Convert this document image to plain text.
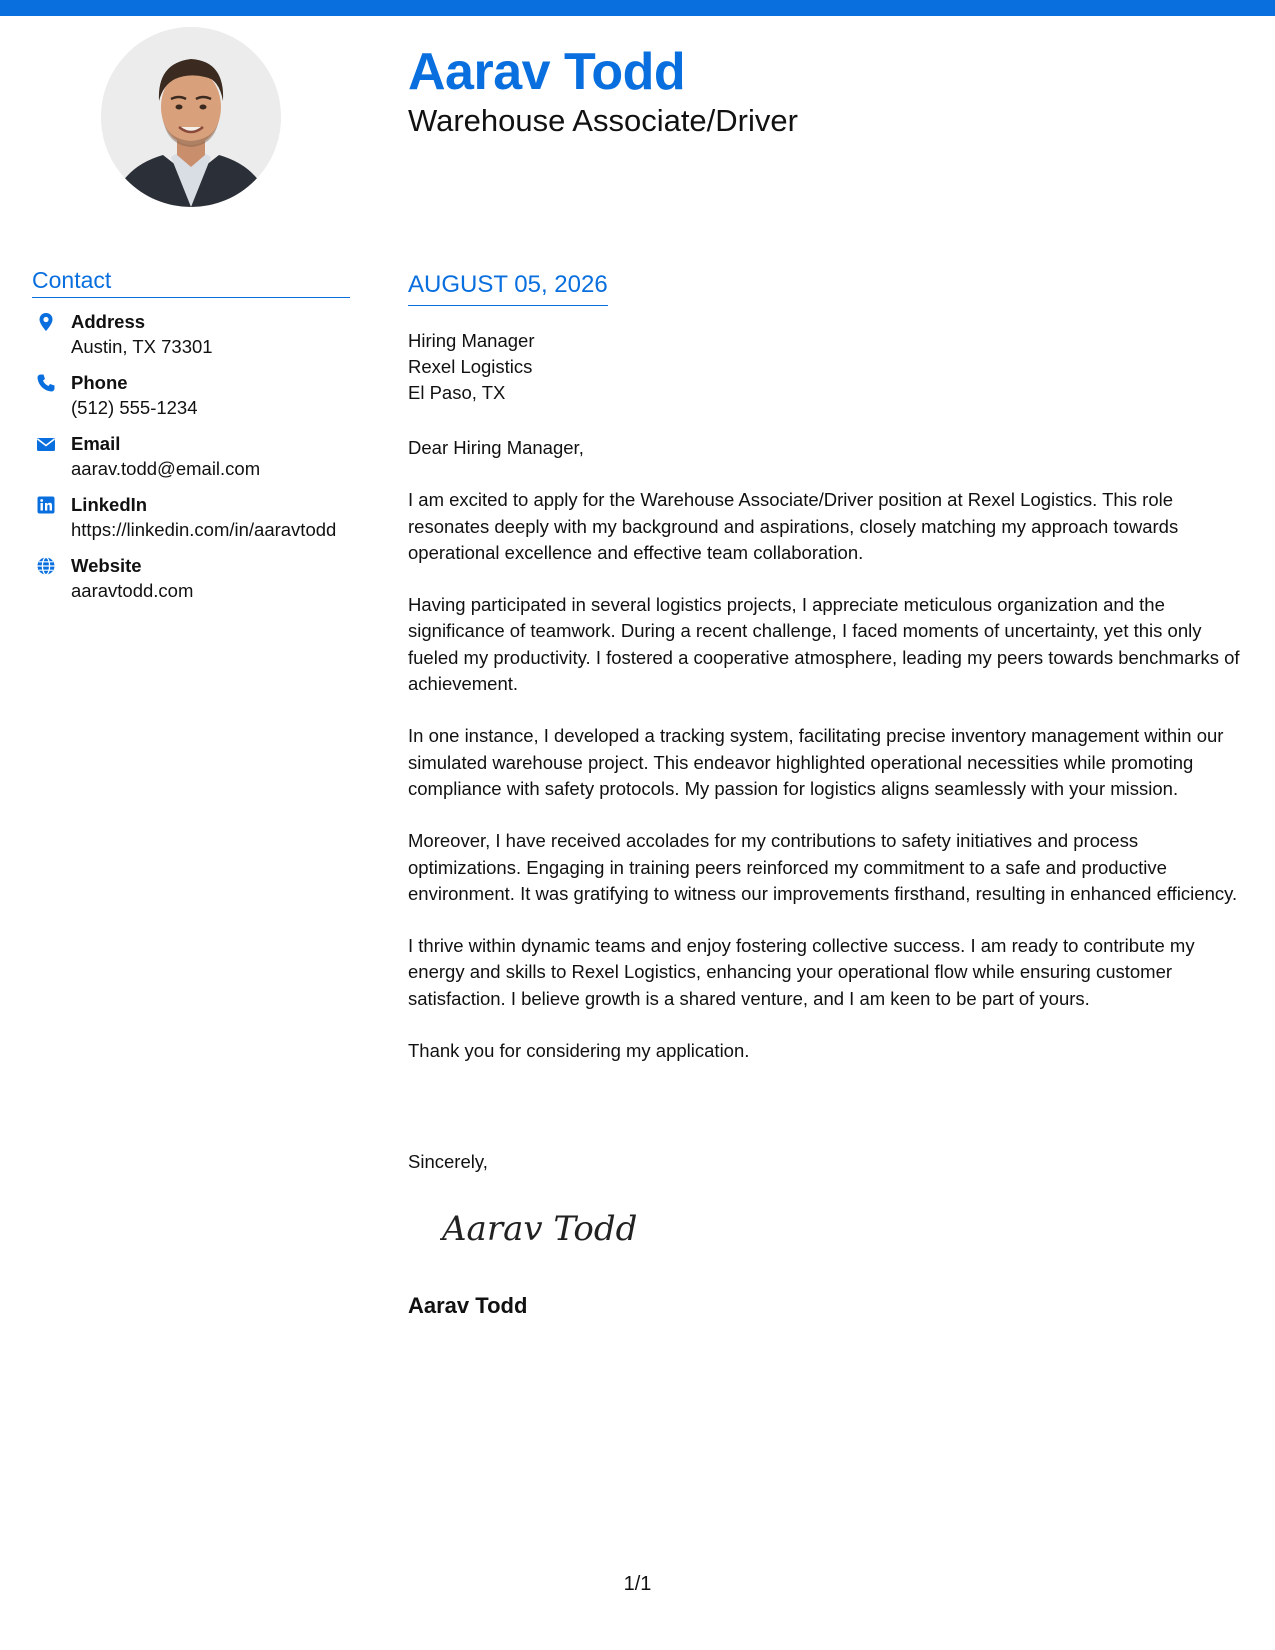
Aarav Todd
Warehouse Associate/Driver
Contact
Address
Austin, TX 73301
Phone
(512) 555-1234
Email
aarav.todd@email.com
LinkedIn
https://linkedin.com/in/aaravtodd
Website
aaravtodd.com
AUGUST 05, 2026
Hiring Manager
Rexel Logistics
El Paso, TX

Dear Hiring Manager,

I am excited to apply for the Warehouse Associate/Driver position at Rexel Logistics. This role resonates deeply with my background and aspirations, closely matching my approach towards operational excellence and effective team collaboration.

Having participated in several logistics projects, I appreciate meticulous organization and the significance of teamwork. During a recent challenge, I faced moments of uncertainty, yet this only fueled my productivity. I fostered a cooperative atmosphere, leading my peers towards benchmarks of achievement.

In one instance, I developed a tracking system, facilitating precise inventory management within our simulated warehouse project. This endeavor highlighted operational necessities while promoting compliance with safety protocols. My passion for logistics aligns seamlessly with your mission.

Moreover, I have received accolades for my contributions to safety initiatives and process optimizations. Engaging in training peers reinforced my commitment to a safe and productive environment. It was gratifying to witness our improvements firsthand, resulting in enhanced efficiency.

I thrive within dynamic teams and enjoy fostering collective success. I am ready to contribute my energy and skills to Rexel Logistics, enhancing your operational flow while ensuring customer satisfaction. I believe growth is a shared venture, and I am keen to be part of yours.

Thank you for considering my application.

Sincerely,
Aarav Todd
Aarav Todd
1/1
